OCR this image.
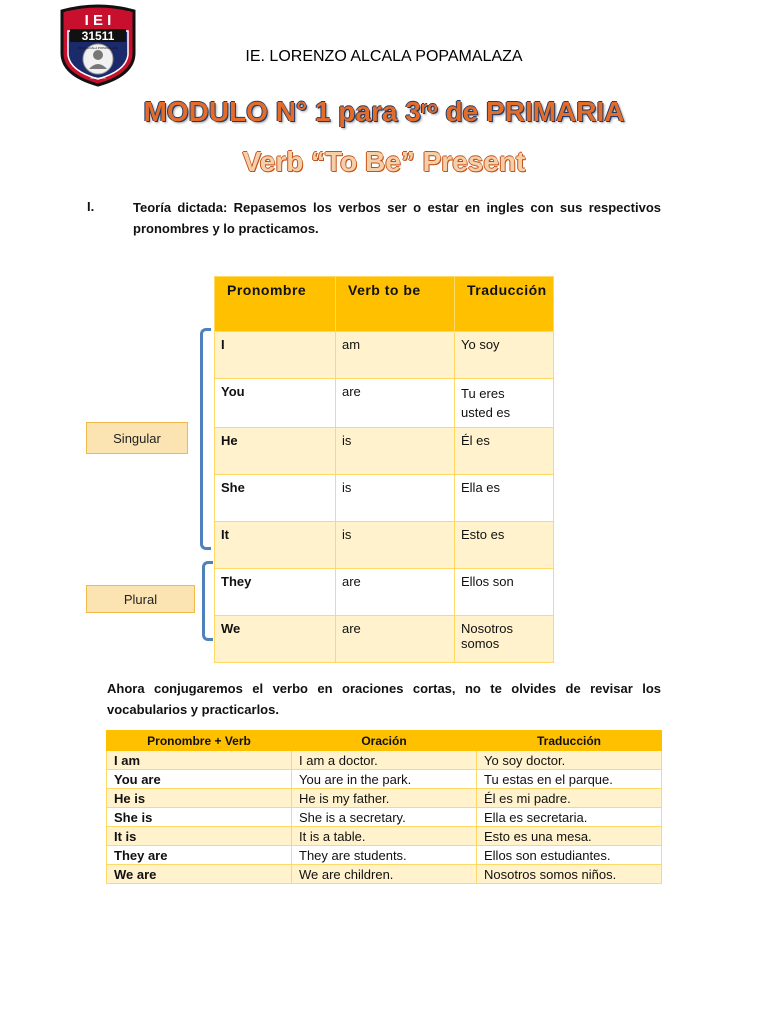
I E I
31511
INCA ALCALA POPAMALAZA
AREQUIPA
IE. LORENZO ALCALA POPAMALAZA
MODULO N° 1 para $3^{ro}$ de PRIMARIA
Verb “To Be” Present
I.	Teoría dictada: Repasemos los verbos ser o estar en ingles con sus respectivos pronombres y lo practicamos.
Pronombre	Verb to be	Traducción
I	am	Yo soy
You	are	Tu eres
usted es

He	is	Él es
She	is	Ella es
It	is	Esto es
They	are	Ellos son
We	are	Nosotros somos
Singular
Plural
Ahora conjugaremos el verbo en oraciones cortas, no te olvides de revisar los vocabularios y practicarlos.
Pronombre + Verb	Oración	Traducción
I am	I am a doctor.	Yo soy doctor.
You are	You are in the park.	Tu estas en el parque.
He is	He is my father.	Él es mi padre.
She is	She is a secretary.	Ella es secretaria.
It is	It is a table.	Esto es una mesa.
They are	They are students.	Ellos son estudiantes.
We are	We are children.	Nosotros somos niños.
